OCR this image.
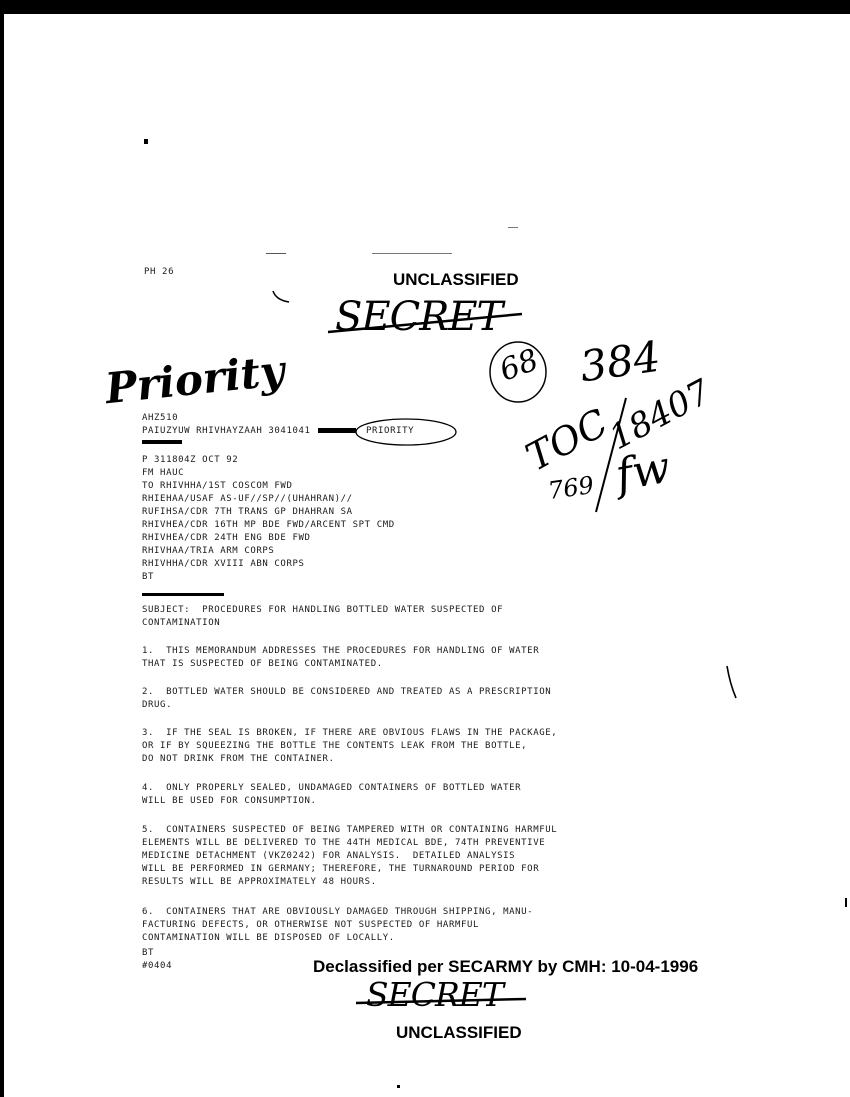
PH 26	UNCLASSIFIED
SECRET
Priority	68 384
TOC
18407
769 fw
AHZ510
PAIUZYUW RHIVHAYZAAH 3041041	PRIORITY
P 311804Z OCT 92
FM HAUC
TO RHIVHHA/1ST COSCOM FWD
RHIEHAA/USAF AS-UF//SP//(UHAHRAN)//
RUFIHSA/CDR 7TH TRANS GP DHAHRAN SA
RHIVHEA/CDR 16TH MP BDE FWD/ARCENT SPT CMD
RHIVHEA/CDR 24TH ENG BDE FWD
RHIVHAA/TRIA ARM CORPS
RHIVHHA/CDR XVIII ABN CORPS
BT
SUBJECT:  PROCEDURES FOR HANDLING BOTTLED WATER SUSPECTED OF
CONTAMINATION
1.  THIS MEMORANDUM ADDRESSES THE PROCEDURES FOR HANDLING OF WATER
THAT IS SUSPECTED OF BEING CONTAMINATED.
2.  BOTTLED WATER SHOULD BE CONSIDERED AND TREATED AS A PRESCRIPTION
DRUG.
3.  IF THE SEAL IS BROKEN, IF THERE ARE OBVIOUS FLAWS IN THE PACKAGE,
OR IF BY SQUEEZING THE BOTTLE THE CONTENTS LEAK FROM THE BOTTLE,
DO NOT DRINK FROM THE CONTAINER.
4.  ONLY PROPERLY SEALED, UNDAMAGED CONTAINERS OF BOTTLED WATER
WILL BE USED FOR CONSUMPTION.
5.  CONTAINERS SUSPECTED OF BEING TAMPERED WITH OR CONTAINING HARMFUL
ELEMENTS WILL BE DELIVERED TO THE 44TH MEDICAL BDE, 74TH PREVENTIVE
MEDICINE DETACHMENT (VKZ0242) FOR ANALYSIS.  DETAILED ANALYSIS
WILL BE PERFORMED IN GERMANY; THEREFORE, THE TURNAROUND PERIOD FOR
RESULTS WILL BE APPROXIMATELY 48 HOURS.
6.  CONTAINERS THAT ARE OBVIOUSLY DAMAGED THROUGH SHIPPING, MANU-
FACTURING DEFECTS, OR OTHERWISE NOT SUSPECTED OF HARMFUL
CONTAMINATION WILL BE DISPOSED OF LOCALLY.
BT
#0404	Declassified per SECARMY by CMH: 10-04-1996
SECRET
UNCLASSIFIED
